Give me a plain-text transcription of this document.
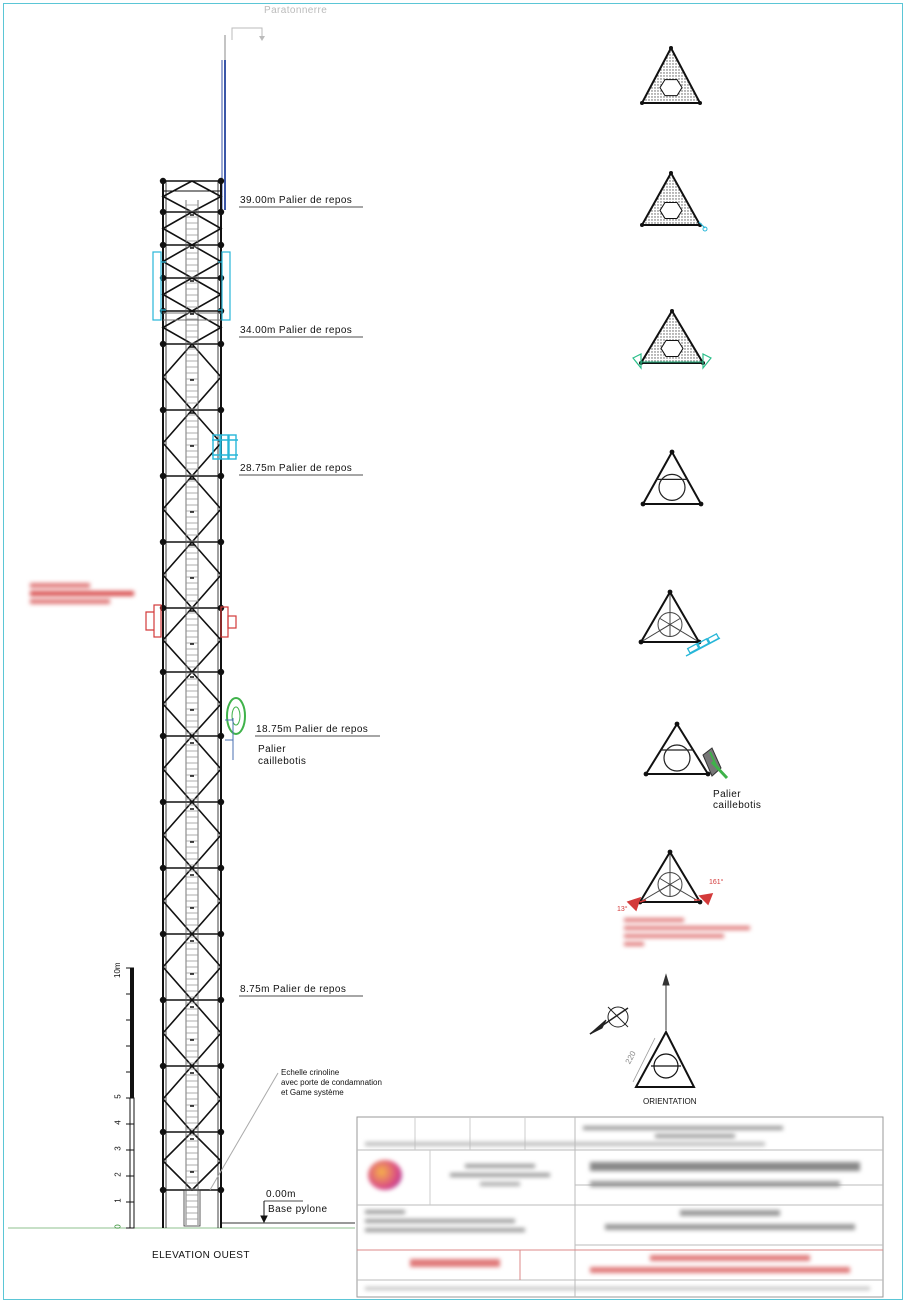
Paratonnerre
39.00m Palier de repos
34.00m Palier de repos
28.75m Palier de repos
18.75m Palier de repos
8.75m Palier de repos
0.00m
Base pylone
Palier
caillebotis
Palier
caillebotis
Echelle crinoline
avec porte de condamnation
et Game système
ELEVATION OUEST
ORIENTATION
220
13°
161°
10m
5
4
3
2
1
0
